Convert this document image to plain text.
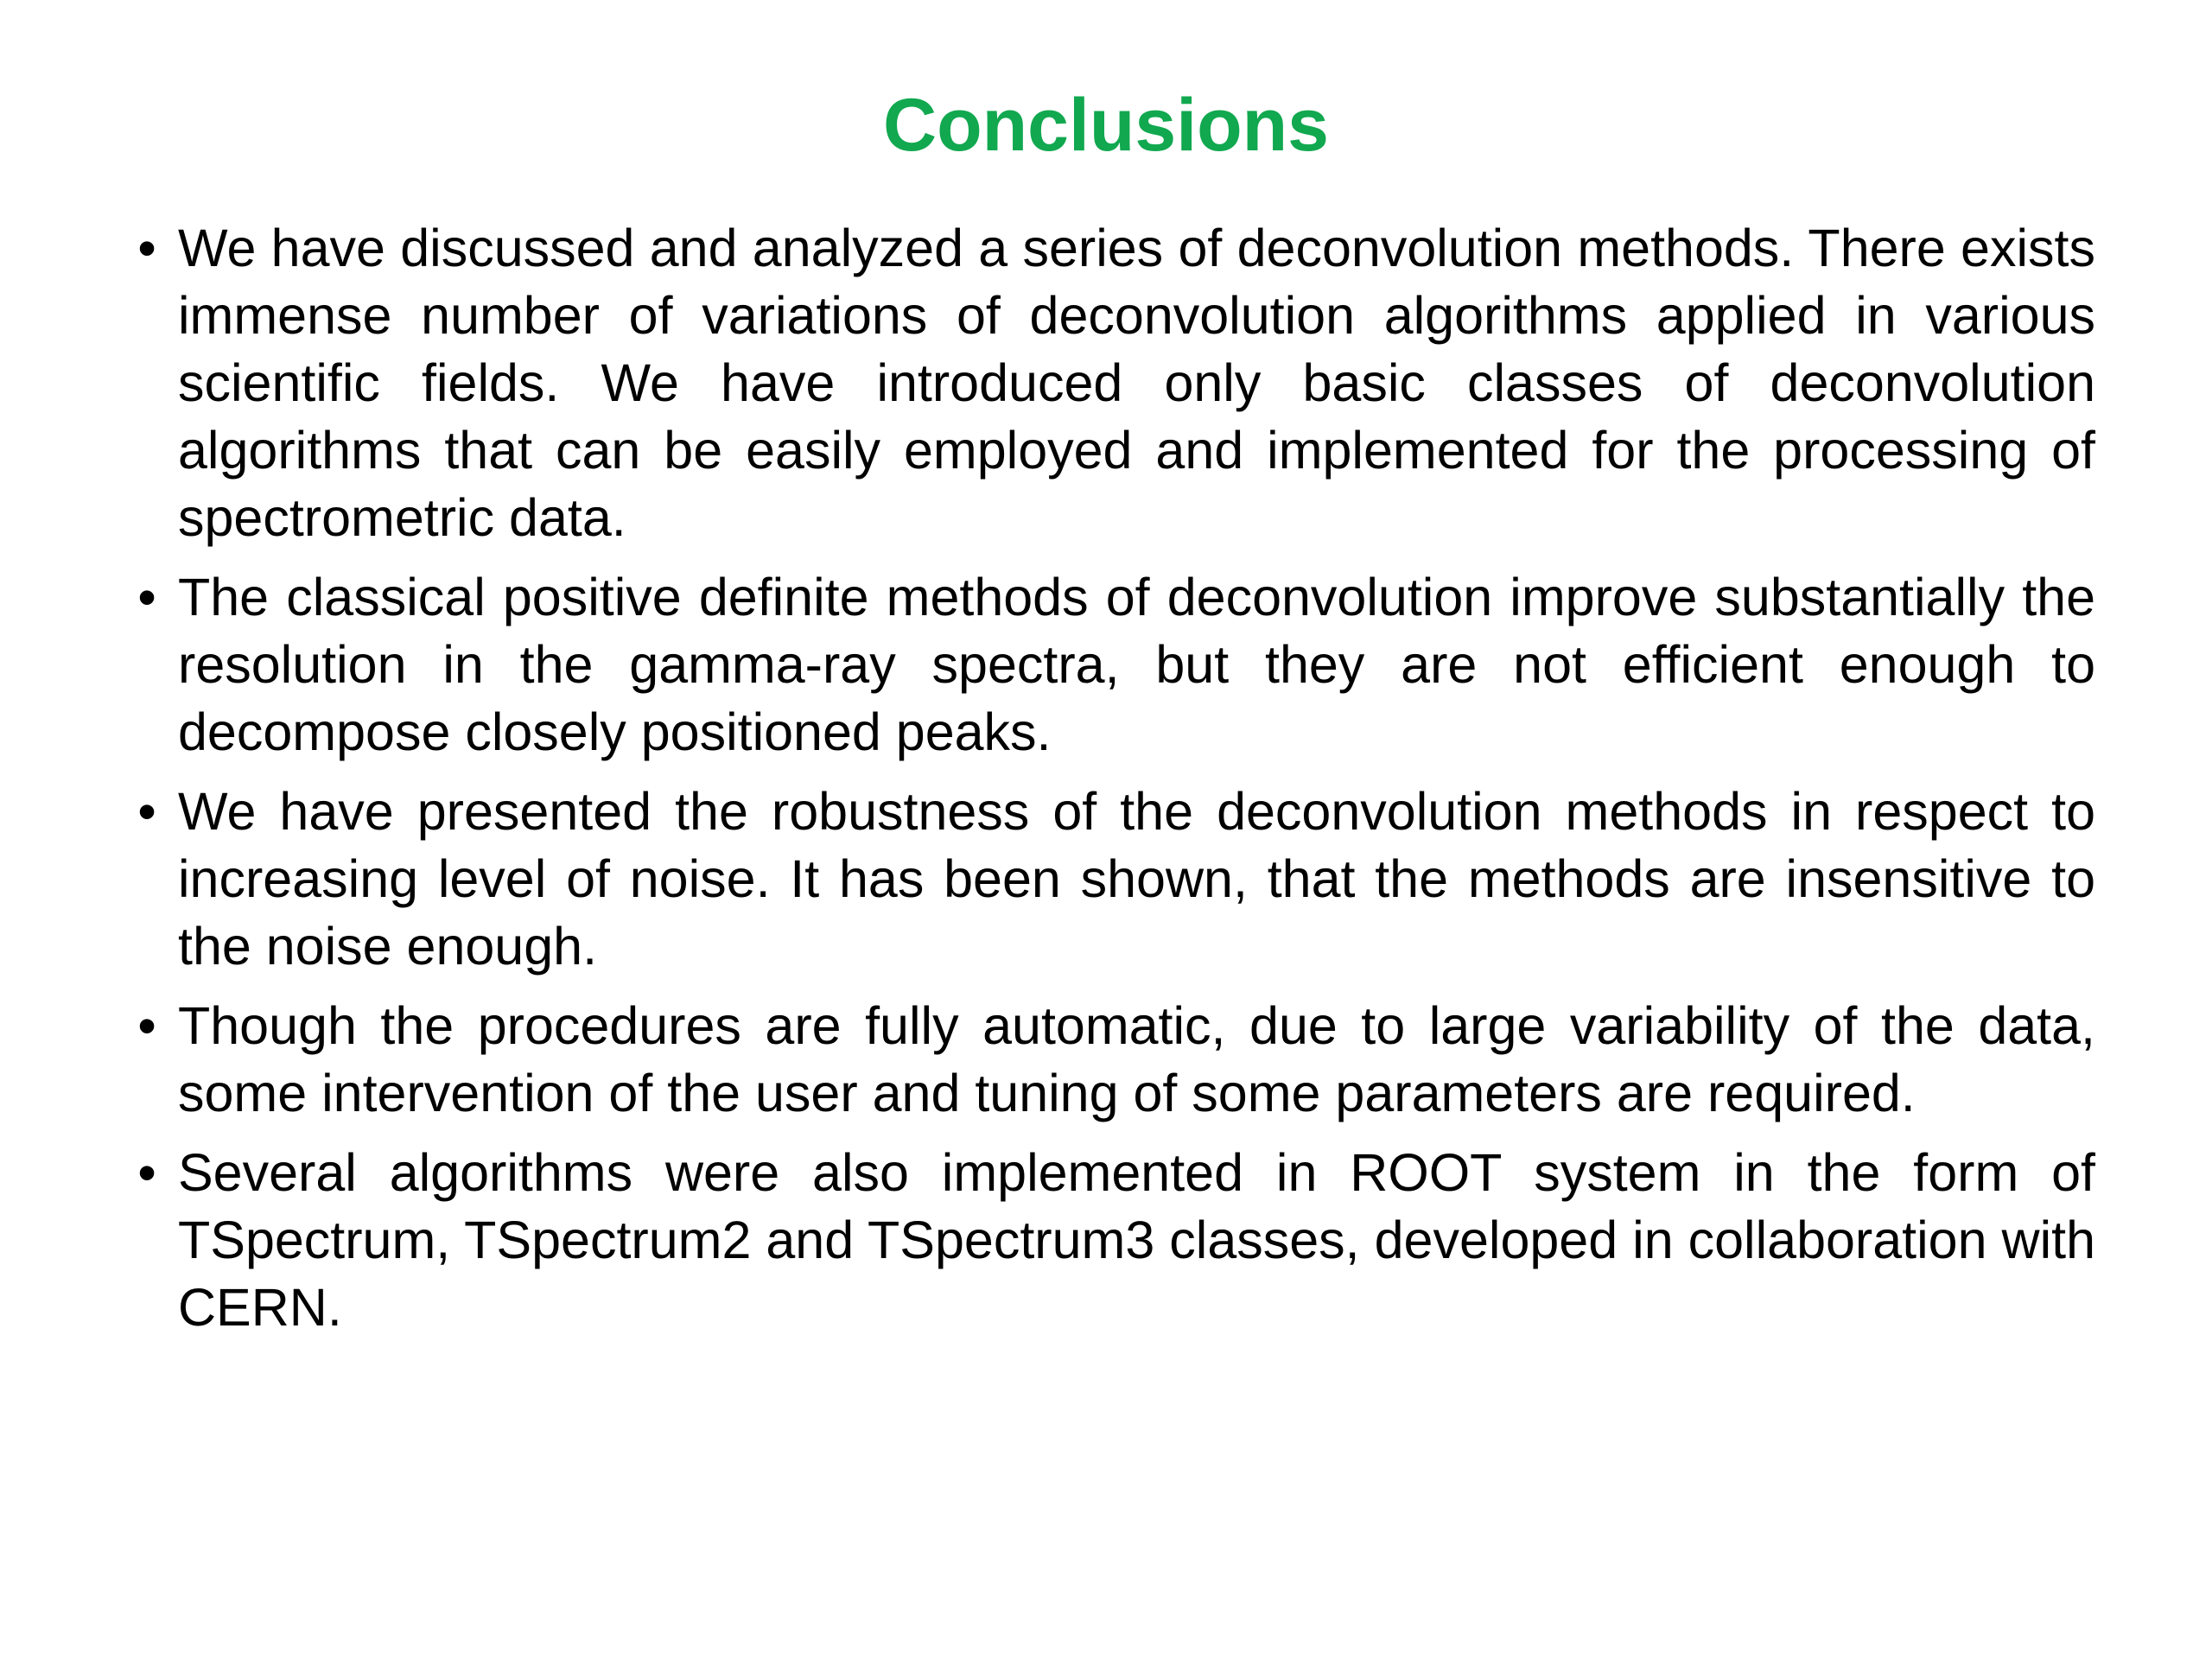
Conclusions
• We have discussed and analyzed a series of deconvolution methods. There exists immense number of variations of deconvolution algorithms applied in various scientific fields. We have introduced only basic classes of deconvolution algorithms that can be easily employed and implemented for the processing of spectrometric data.
• The classical positive definite methods of deconvolution improve substantially the resolution in the gamma-ray spectra, but they are not efficient enough to decompose closely positioned peaks.
• We have presented the robustness of the deconvolution methods in respect to increasing level of noise. It has been shown, that the methods are insensitive to the noise enough.
• Though the procedures are fully automatic, due to large variability of the data, some intervention of the user and tuning of some parameters are required.
• Several algorithms were also implemented in ROOT system in the form of TSpectrum, TSpectrum2 and TSpectrum3 classes, developed in collaboration with CERN.
